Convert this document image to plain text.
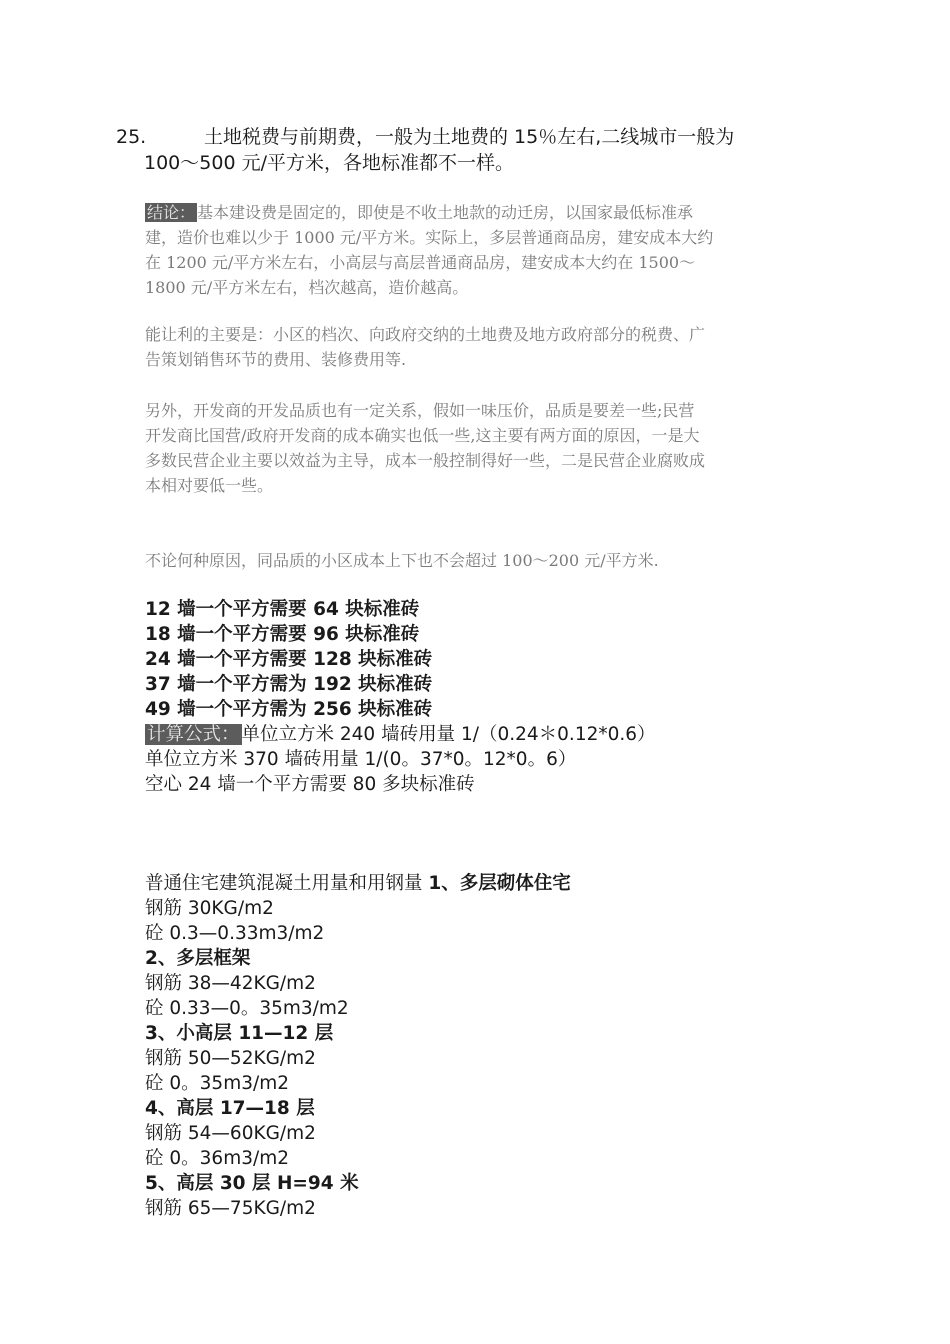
25.	土地税费与前期费，一般为土地费的 15％左右,二线城市一般为
100～500 元/平方米，各地标准都不一样。
结论： 基本建设费是固定的，即使是不收土地款的动迁房，以国家最低标准承
建，造价也难以少于 1000 元/平方米。实际上，多层普通商品房，建安成本大约
在 1200 元/平方米左右，小高层与高层普通商品房，建安成本大约在 1500～
1800 元/平方米左右，档次越高，造价越高。
能让利的主要是：小区的档次、向政府交纳的土地费及地方政府部分的税费、广
告策划销售环节的费用、装修费用等.
另外，开发商的开发品质也有一定关系，假如一味压价，品质是要差一些;民营
开发商比国营/政府开发商的成本确实也低一些,这主要有两方面的原因，一是大
多数民营企业主要以效益为主导，成本一般控制得好一些，二是民营企业腐败成
本相对要低一些。
不论何种原因，同品质的小区成本上下也不会超过 100～200 元/平方米.
12 墙一个平方需要 64 块标准砖
18 墙一个平方需要 96 块标准砖
24 墙一个平方需要 128 块标准砖
37 墙一个平方需为 192 块标准砖
49 墙一个平方需为 256 块标准砖
计算公式： 单位立方米 240 墙砖用量 1/（0.24＊0.12*0.6）
单位立方米 370 墙砖用量 1/(0。37*0。12*0。6）
空心 24 墙一个平方需要 80 多块标准砖
普通住宅建筑混凝土用量和用钢量 1、多层砌体住宅
钢筋 30KG/m2
砼 0.3—0.33m3/m2
2、多层框架
钢筋 38—42KG/m2
砼 0.33—0。35m3/m2
3、小高层 11—12 层
钢筋 50—52KG/m2
砼 0。35m3/m2
4、高层 17—18 层
钢筋 54—60KG/m2
砼 0。36m3/m2
5、高层 30 层 H=94 米
钢筋 65—75KG/m2
